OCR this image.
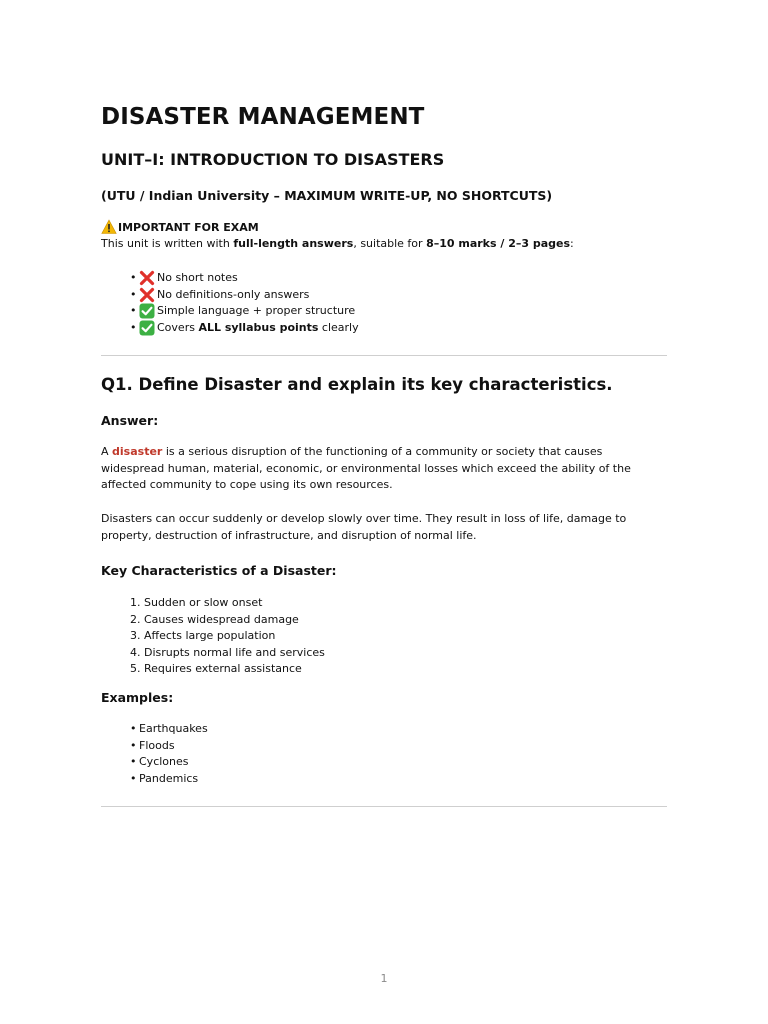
DISASTER MANAGEMENT
UNIT–I: INTRODUCTION TO DISASTERS
(UTU / Indian University – MAXIMUM WRITE-UP, NO SHORTCUTS)
IMPORTANT FOR EXAM
This unit is written with full-length answers, suitable for 8–10 marks / 2–3 pages:
• No short notes
• No definitions-only answers
• Simple language + proper structure
• Covers ALL syllabus points clearly
Q1. Define Disaster and explain its key characteristics.
Answer:

A disaster is a serious disruption of the functioning of a community or society that causes widespread human, material, economic, or environmental losses which exceed the ability of the affected community to cope using its own resources.

Disasters can occur suddenly or develop slowly over time. They result in loss of life, damage to property, destruction of infrastructure, and disruption of normal life.

Key Characteristics of a Disaster:
1. Sudden or slow onset
2. Causes widespread damage
3. Affects large population
4. Disrupts normal life and services
5. Requires external assistance
Examples:
• Earthquakes
• Floods
• Cyclones
• Pandemics
1
